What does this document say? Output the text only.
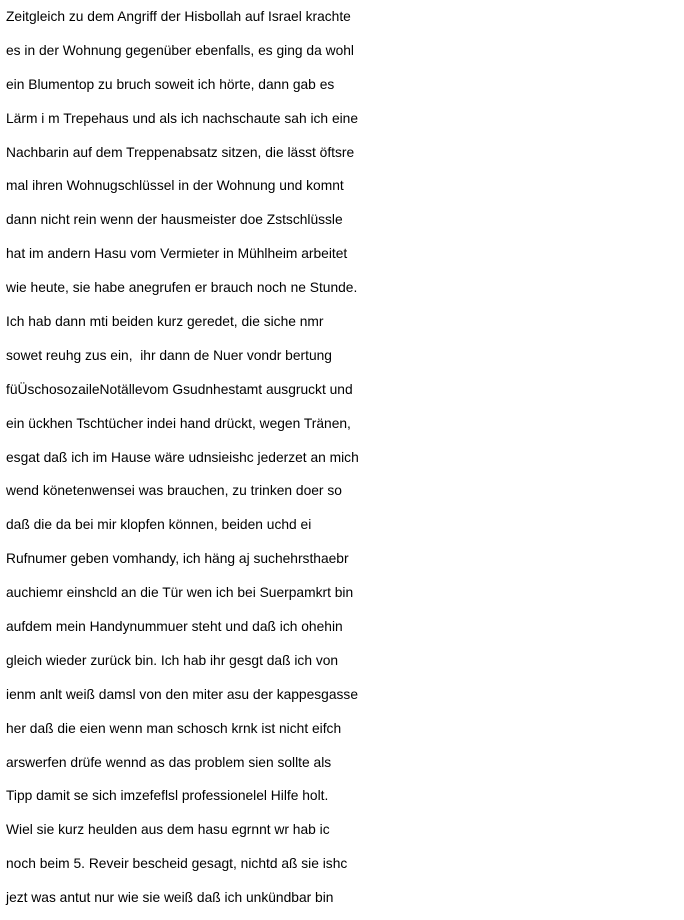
Zeitgleich zu dem Angriff der Hisbollah auf Israel krachte
es in der Wohnung gegenüber ebenfalls, es ging da wohl
ein Blumentop zu bruch soweit ich hörte, dann gab es
Lärm i m Trepehaus und als ich nachschaute sah ich eine
Nachbarin auf dem Treppenabsatz sitzen, die lässt öftsre
mal ihren Wohnugschlüssel in der Wohnung und komnt
dann nicht rein wenn der hausmeister doe Zstschlüssle
hat im andern Hasu vom Vermieter in Mühlheim arbeitet
wie heute, sie habe anegrufen er brauch noch ne Stunde.
Ich hab dann mti beiden kurz geredet, die siche nmr
sowet reuhg zus ein,  ihr dann de Nuer vondr bertung
füÜschosozaileNotällevom Gsudnhestamt ausgruckt und
ein ückhen Tschtücher indei hand drückt, wegen Tränen,
esgat daß ich im Hause wäre udnsieishc jederzet an mich
wend könetenwensei was brauchen, zu trinken doer so
daß die da bei mir klopfen können, beiden uchd ei
Rufnumer geben vomhandy, ich häng aj suchehrsthaebr
auchiemr einshcld an die Tür wen ich bei Suerpamkrt bin
aufdem mein Handynummuer steht und daß ich ohehin
gleich wieder zurück bin. Ich hab ihr gesgt daß ich von
ienm anlt weiß damsl von den miter asu der kappesgasse
her daß die eien wenn man schosch krnk ist nicht eifch
arswerfen drüfe wennd as das problem sien sollte als
Tipp damit se sich imzefeflsl professionelel Hilfe holt.
Wiel sie kurz heulden aus dem hasu egrnnt wr hab ic
noch beim 5. Reveir bescheid gesagt, nichtd aß sie ishc
jezt was antut nur wie sie weiß daß ich unkündbar bin
